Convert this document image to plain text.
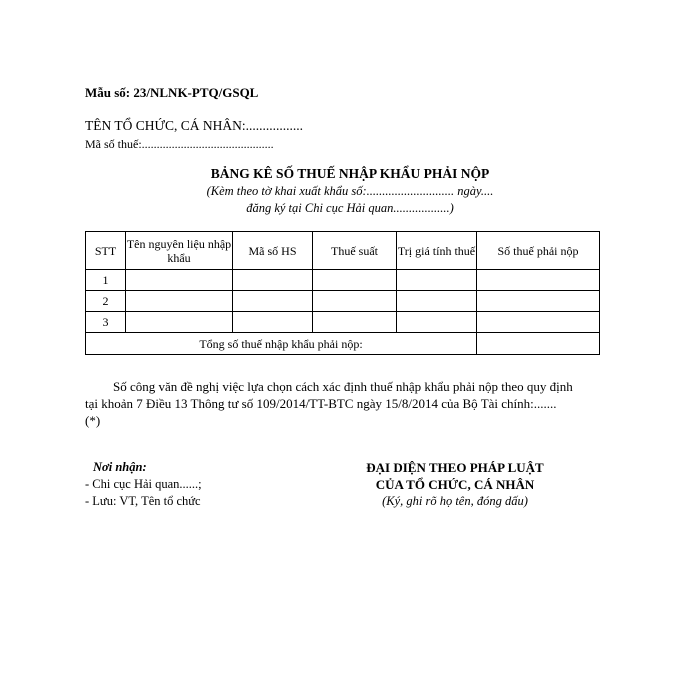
Mẫu số: 23/NLNK-PTQ/GSQL
TÊN TỔ CHỨC, CÁ NHÂN:.................
Mã số thuế:............................................
BẢNG KÊ SỐ THUẾ NHẬP KHẨU PHẢI NỘP
(Kèm theo tờ khai xuất khẩu số:............................ ngày....
đăng ký tại Chi cục Hải quan..................)
STT	Tên nguyên liệu nhập khẩu	Mã số HS	Thuế suất	Trị giá tính thuế	Số thuế phải nộp
1					
2					
3					
Tổng số thuế nhập khẩu phải nộp:					
Số công văn đề nghị việc lựa chọn cách xác định thuế nhập khẩu phải nộp theo quy định
tại khoản 7 Điều 13 Thông tư số 109/2014/TT-BTC ngày 15/8/2014 của Bộ Tài chính:.......
(*)
Nơi nhận:
- Chi cục Hải quan......;
- Lưu: VT, Tên tổ chức
ĐẠI DIỆN THEO PHÁP LUẬT
CỦA TỔ CHỨC, CÁ NHÂN
(Ký, ghi rõ họ tên, đóng dấu)
